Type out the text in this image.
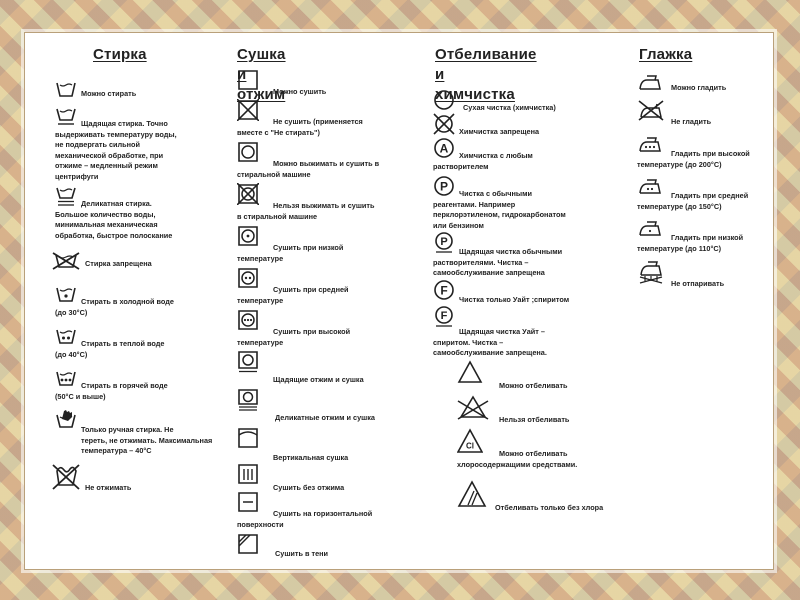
Стирка
Можно стирать
Щадящая стирка. Точно
выдерживать температуру воды,
не подвергать сильной
механической обработке, при
отжиме – медленный режим
центрифуги
Деликатная стирка.
Большое количество воды,
минимальная механическая
обработка, быстрое полоскание
Стирка запрещена
Стирать в холодной воде
(до 30°C)
Стирать в теплой воде
(до 40°C)
Стирать в горячей воде
(50°C и выше)
Только ручная стирка. Не
тереть, не отжимать. Максимальная
температура – 40°C
Не отжимать
Сушка и отжим
Можно сушить
Не сушить (применяется
вместе с "Не стирать")
Можно выжимать и сушить в
стиральной машине
Нельзя выжимать и сушить
в стиральной машине
Сушить при низкой
температуре
Сушить при средней
температуре
Сушить при высокой
температуре
Щадящие отжим и сушка
Деликатные отжим и сушка
Вертикальная сушка
Сушить без отжима
Сушить на горизонтальной
поверхности
Сушить в тени
Отбеливание и
химчистка
Сухая чистка (химчистка)
Химчистка запрещена
A	Химчистка с любым
растворителем
P	Чистка с обычными
реагентами. Например
перклорэтиленом, гидрокарбонатом
или бензином
P
Щадящая чистка обычными
растворителями. Чистка –
самообслуживание запрещена
F
Чистка только Уайт ;спиритом
F
Щадящая чистка Уайт –
спиритом. Чистка –
самообслуживание запрещена.
Можно отбеливать
Нельзя отбеливать
Cl
Можно отбеливать
хлоросодержащими средствами.
Отбеливать только без хлора
Глажка
Можно гладить
Не гладить
Гладить при высокой
температуре (до 200°C)
Гладить при средней
температуре (до 150°C)
Гладить при низкой
температуре (до 110°C)
Не отпаривать
